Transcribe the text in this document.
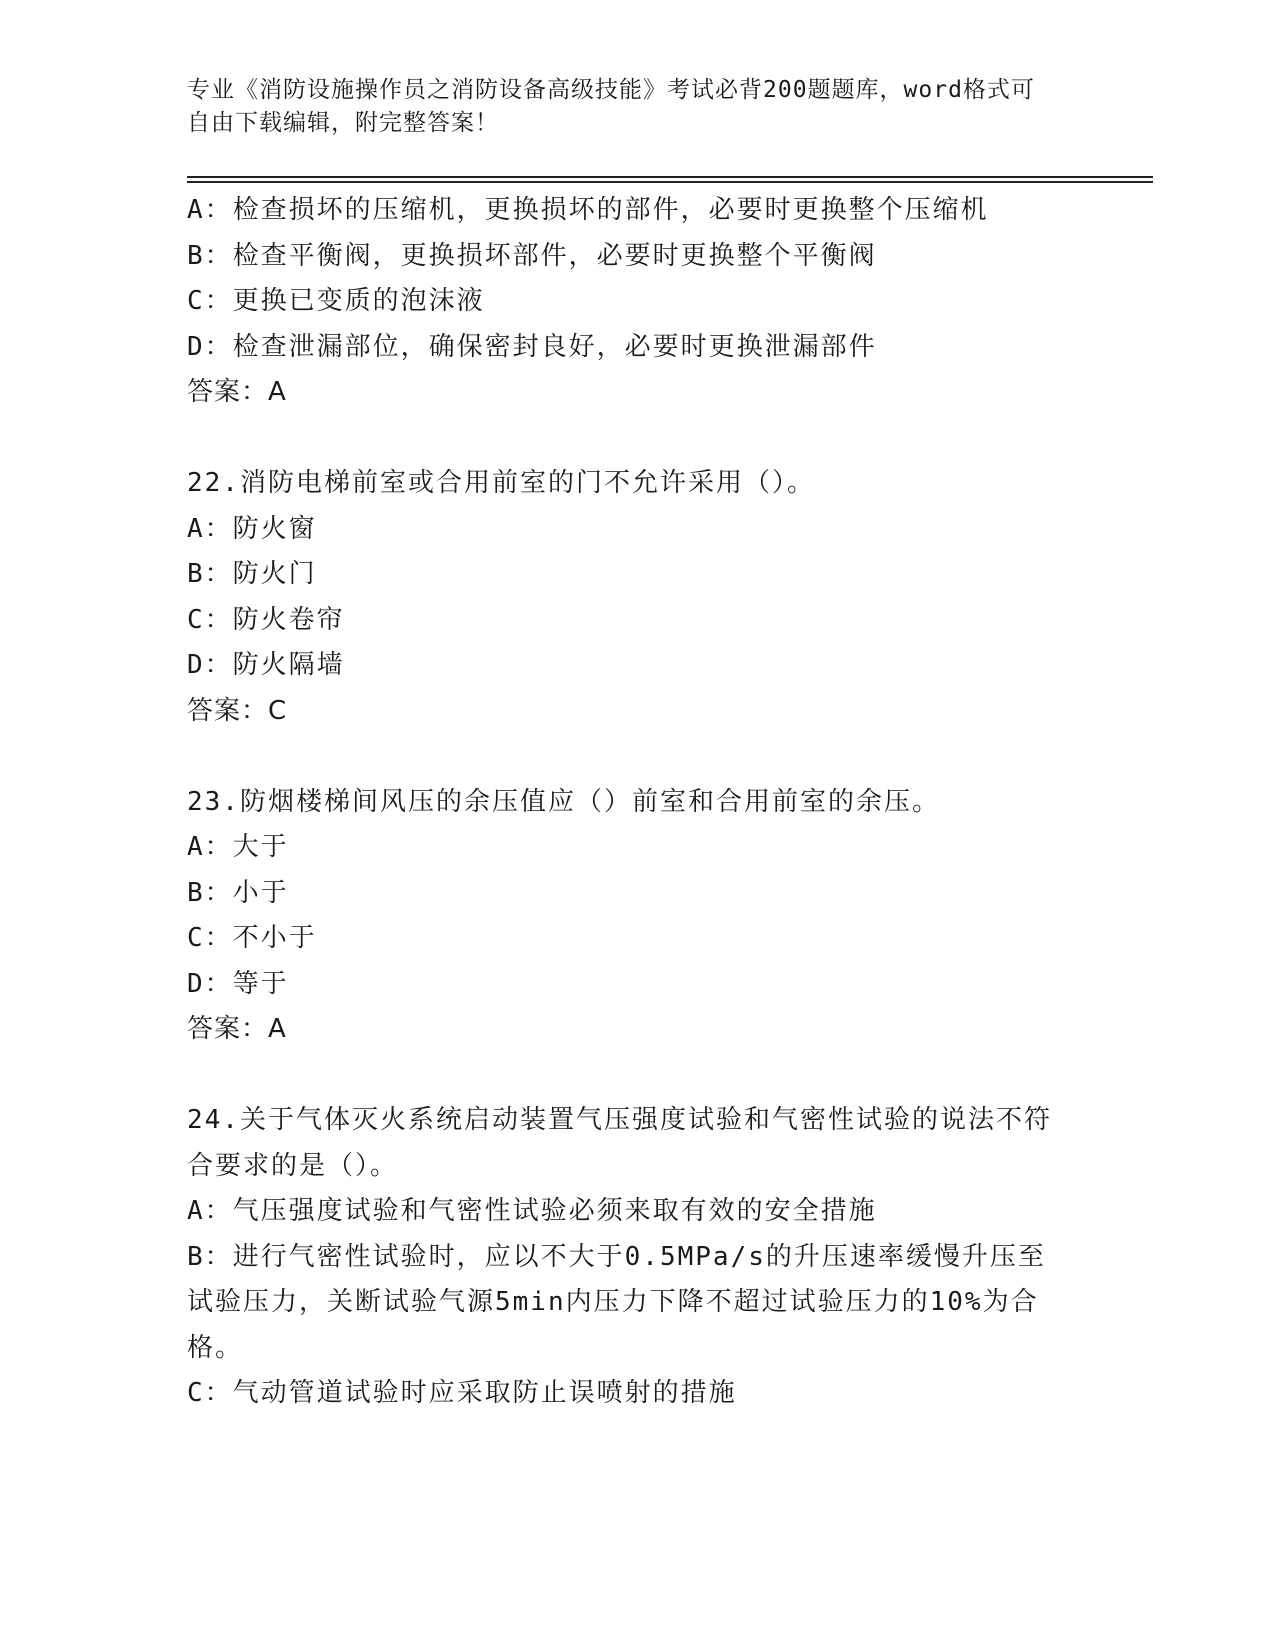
专业《消防设施操作员之消防设备高级技能》考试必背200题题库，word格式可
自由下载编辑，附完整答案！
A：检查损坏的压缩机，更换损坏的部件，必要时更换整个压缩机
B：检查平衡阀，更换损坏部件，必要时更换整个平衡阀
C：更换已变质的泡沫液
D：检查泄漏部位，确保密封良好，必要时更换泄漏部件
答案：A
22.消防电梯前室或合用前室的门不允许采用（）。
A：防火窗
B：防火门
C：防火卷帘
D：防火隔墙
答案：C
23.防烟楼梯间风压的余压值应（）前室和合用前室的余压。
A：大于
B：小于
C：不小于
D：等于
答案：A
24.关于气体灭火系统启动装置气压强度试验和气密性试验的说法不符
合要求的是（）。
A：气压强度试验和气密性试验必须来取有效的安全措施
B：进行气密性试验时，应以不大于0.5MPa/s的升压速率缓慢升压至
试验压力，关断试验气源5min内压力下降不超过试验压力的10%为合
格。
C：气动管道试验时应采取防止误喷射的措施
